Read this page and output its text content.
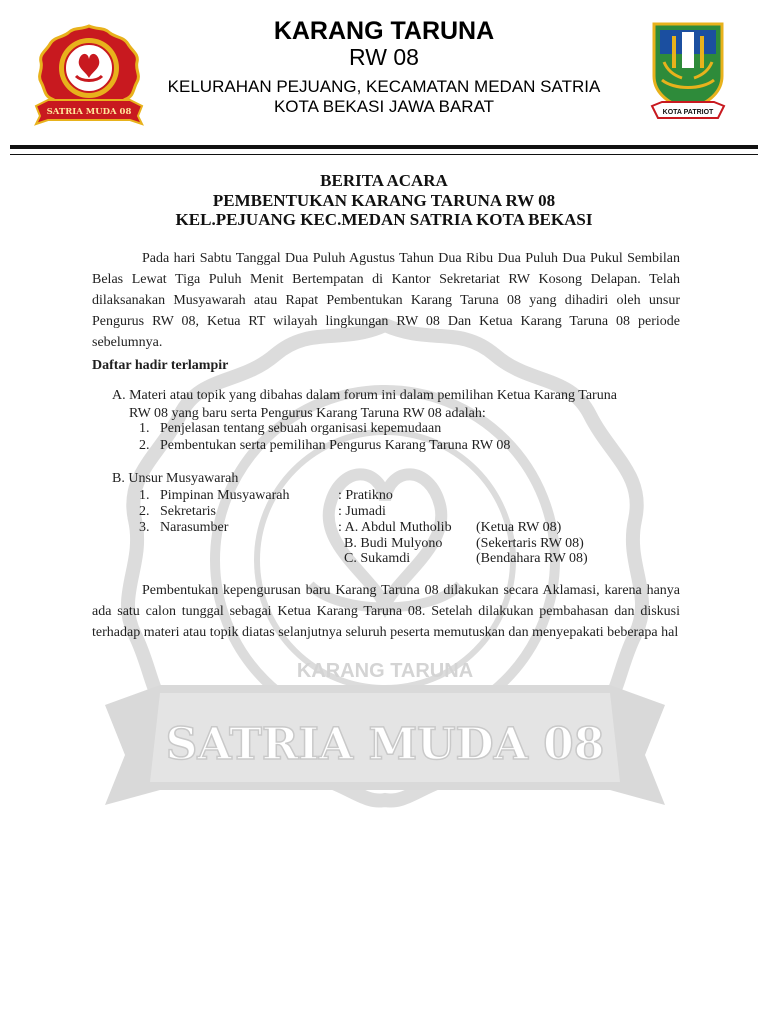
KARANG TARUNA
SATRIA MUDA 08
SATRIA MUDA 08	KOTA PATRIOT
KARANG TARUNA
RW 08
KELURAHAN PEJUANG, KECAMATAN MEDAN SATRIA
KOTA BEKASI JAWA BARAT
BERITA ACARA
PEMBENTUKAN KARANG TARUNA RW 08
KEL.PEJUANG KEC.MEDAN SATRIA KOTA BEKASI
Pada hari Sabtu Tanggal Dua Puluh Agustus Tahun Dua Ribu Dua Puluh Dua Pukul Sembilan Belas Lewat Tiga Puluh Menit Bertempatan di Kantor Sekretariat RW Kosong Delapan. Telah dilaksanakan Musyawarah atau Rapat Pembentukan Karang Taruna 08 yang dihadiri oleh unsur Pengurus RW 08, Ketua RT wilayah lingkungan RW 08 Dan Ketua Karang Taruna 08 periode sebelumnya.
Daftar hadir terlampir
A. Materi atau topik yang dibahas dalam forum ini dalam pemilihan Ketua Karang Taruna
RW 08 yang baru serta Pengurus Karang Taruna RW 08 adalah:
1. Penjelasan tentang sebuah organisasi kepemudaan
2. Pembentukan serta pemilihan Pengurus Karang Taruna RW 08
B. Unsur Musyawarah
1. Pimpinan Musyawarah	: Pratikno
2. Sekretaris	: Jumadi
3. Narasumber	: A. Abdul Mutholib (Ketua RW 08)
B. Budi Mulyono (Sekertaris RW 08)
C. Sukamdi	(Bendahara RW 08)
Pembentukan kepengurusan baru Karang Taruna 08 dilakukan secara Aklamasi, karena hanya ada satu calon tunggal sebagai Ketua Karang Taruna 08. Setelah dilakukan pembahasan dan diskusi terhadap materi atau topik diatas selanjutnya seluruh peserta memutuskan dan menyepakati beberapa hal
